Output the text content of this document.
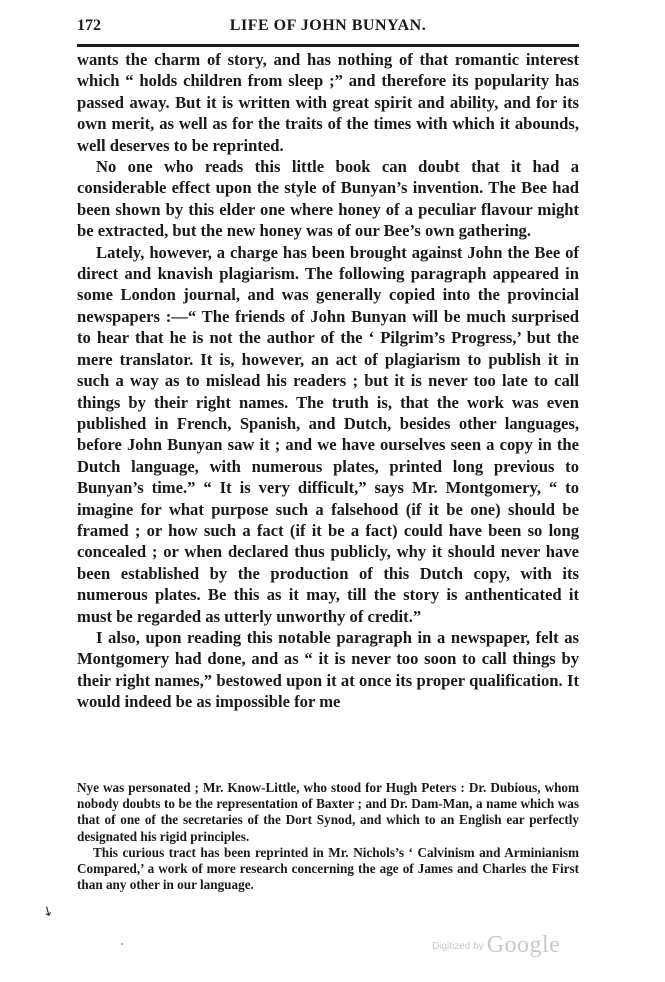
172	LIFE OF JOHN BUNYAN.

wants the charm of story, and has nothing of that romantic interest which “ holds children from sleep ;” and therefore its popularity has passed away. But it is written with great spirit and ability, and for its own merit, as well as for the traits of the times with which it abounds, well deserves to be reprinted.

No one who reads this little book can doubt that it had a considerable effect upon the style of Bunyan’s invention. The Bee had been shown by this elder one where honey of a peculiar flavour might be extracted, but the new honey was of our Bee’s own gathering.

Lately, however, a charge has been brought against John the Bee of direct and knavish plagiarism. The following paragraph appeared in some London journal, and was generally copied into the provincial newspapers :—“ The friends of John Bunyan will be much surprised to hear that he is not the author of the ‘ Pilgrim’s Progress,’ but the mere translator. It is, however, an act of plagiarism to publish it in such a way as to mislead his readers ; but it is never too late to call things by their right names. The truth is, that the work was even published in French, Spanish, and Dutch, besides other languages, before John Bunyan saw it ; and we have ourselves seen a copy in the Dutch language, with numerous plates, printed long previous to Bunyan’s time.” “ It is very difficult,” says Mr. Montgomery, “ to imagine for what purpose such a falsehood (if it be one) should be framed ; or how such a fact (if it be a fact) could have been so long concealed ; or when declared thus publicly, why it should never have been established by the production of this Dutch copy, with its numerous plates. Be this as it may, till the story is anthenticated it must be regarded as utterly unworthy of credit.”

I also, upon reading this notable paragraph in a newspaper, felt as Montgomery had done, and as “ it is never too soon to call things by their right names,” bestowed upon it at once its proper qualification. It would indeed be as impossible for me

Nye was personated ; Mr. Know-Little, who stood for Hugh Peters : Dr. Dubious, whom nobody doubts to be the representation of Baxter ; and Dr. Dam-Man, a name which was that of one of the secretaries of the Dort Synod, and which to an English ear perfectly designated his rigid principles.

This curious tract has been reprinted in Mr. Nichols’s ‘ Calvinism and Arminianism Compared,’ a work of more research concerning the age of James and Charles the First than any other in our language.

↘
Digitized by Google
